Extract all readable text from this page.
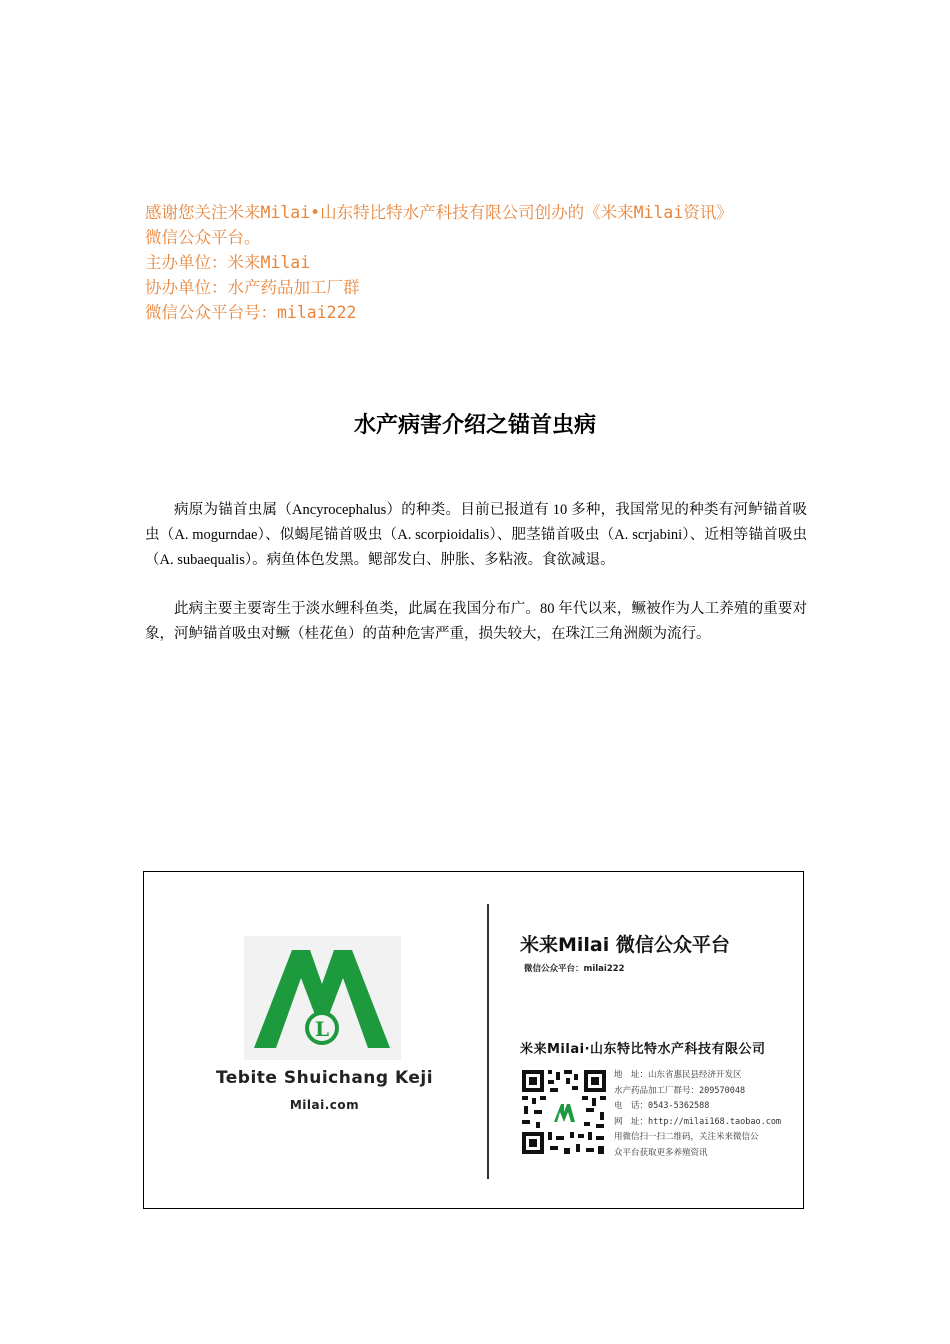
感谢您关注米来Milai•山东特比特水产科技有限公司创办的《米来Milai资讯》
微信公众平台。
主办单位：米来Milai
协办单位：水产药品加工厂群
微信公众平台号：milai222
水产病害介绍之锚首虫病
病原为锚首虫属（Ancyrocephalus）的种类。目前已报道有 10 多种，我国常见的种类有河鲈锚首吸虫（A. mogurndae）、似蝎尾锚首吸虫（A. scorpioidalis）、肥茎锚首吸虫（A. scrjabini）、近相等锚首吸虫（A. subaequalis）。病鱼体色发黑。鳃部发白、肿胀、多粘液。食欲减退。
此病主要主要寄生于淡水鲤科鱼类，此属在我国分布广。80 年代以来，鳜被作为人工养殖的重要对象，河鲈锚首吸虫对鳜（桂花鱼）的苗种危害严重，损失较大，在珠江三角洲颇为流行。
L
Tebite Shuichang Keji
Milai.com
米来Milai 微信公众平台
微信公众平台：milai222
米来Milai·山东特比特水产科技有限公司
地　址：山东省惠民县经济开发区
水产药品加工厂群号：209570048
电　话：0543-5362588
网　址：http://milai168.taobao.com
用微信扫一扫二维码，关注米来微信公
众平台获取更多养殖资讯
